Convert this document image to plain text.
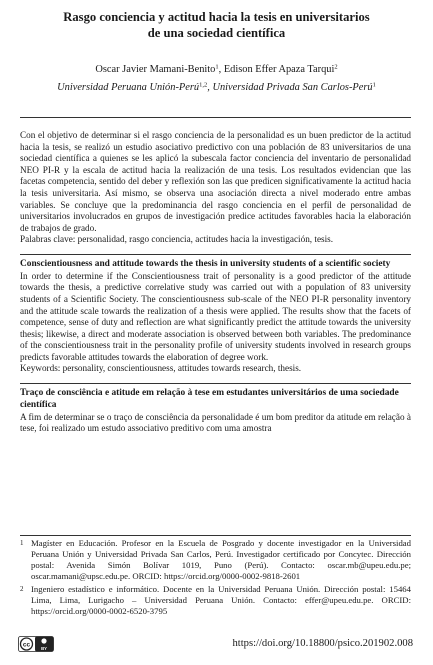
Rasgo conciencia y actitud hacia la tesis en universitarios
de una sociedad científica
Oscar Javier Mamani-Benito$^1$, Edison Effer Apaza Tarqui$^2$
Universidad Peruana Unión-Perú$^{1,2}$, Universidad Privada San Carlos-Perú$^1$

Con el objetivo de determinar si el rasgo conciencia de la personalidad es un buen predictor de la actitud hacia la tesis, se realizó un estudio asociativo predictivo con una población de 83 universitarios de una sociedad científica a quienes se les aplicó la subescala factor conciencia del inventario de personalidad NEO PI-R y la escala de actitud hacia la realización de una tesis. Los resultados evidencian que las facetas competencia, sentido del deber y reflexión son las que predicen significativamente la actitud hacia la tesis universitaria. Así mismo, se observa una asociación directa a nivel moderado entre ambas variables. Se concluye que la predominancia del rasgo conciencia en el perfil de personalidad de universitarios involucrados en grupos de investigación predice actitudes favorables hacia la elaboración de trabajos de grado.

Palabras clave: personalidad, rasgo conciencia, actitudes hacia la investigación, tesis.

Conscientiousness and attitude towards the thesis in university students of a scientific society

In order to determine if the Conscientiousness trait of personality is a good predictor of the attitude towards the thesis, a predictive correlative study was carried out with a population of 83 university students of a Scientific Society. The conscientiousness sub-scale of the NEO PI-R personality inventory and the attitude scale towards the realization of a thesis were applied. The results show that the facets of competence, sense of duty and reflection are what significantly predict the attitude towards the university thesis; likewise, a direct and moderate association is observed between both variables. The predominance of the conscientiousness trait in the personality profile of university students involved in research groups predicts favorable attitudes towards the elaboration of degree work.

Keywords: personality, conscientiousness, attitudes towards research, thesis.

Traço de consciência e atitude em relação à tese em estudantes universitários de uma sociedade científica

A fim de determinar se o traço de consciência da personalidade é um bom preditor da atitude em relação à tese, foi realizado um estudo associativo preditivo com uma amostra

1 Magíster en Educación. Profesor en la Escuela de Posgrado y docente investigador en la Universidad Peruana Unión y Universidad Privada San Carlos, Perú. Investigador certificado por Concytec. Dirección postal: Avenida Simón Bolívar 1019, Puno (Perú). Contacto: oscar.mb@upeu.edu.pe; oscar.mamani@upsc.edu.pe. ORCID: https://orcid.org/0000-0002-9818-2601
2 Ingeniero estadístico e informático. Docente en la Universidad Peruana Unión. Dirección postal: 15464 Lima, Lima, Lurigacho – Universidad Peruana Unión. Contacto: effer@upeu.edu.pe. ORCID: https://orcid.org/0000-0002-6520-3795
cc
BY	https://doi.org/10.18800/psico.201902.008
